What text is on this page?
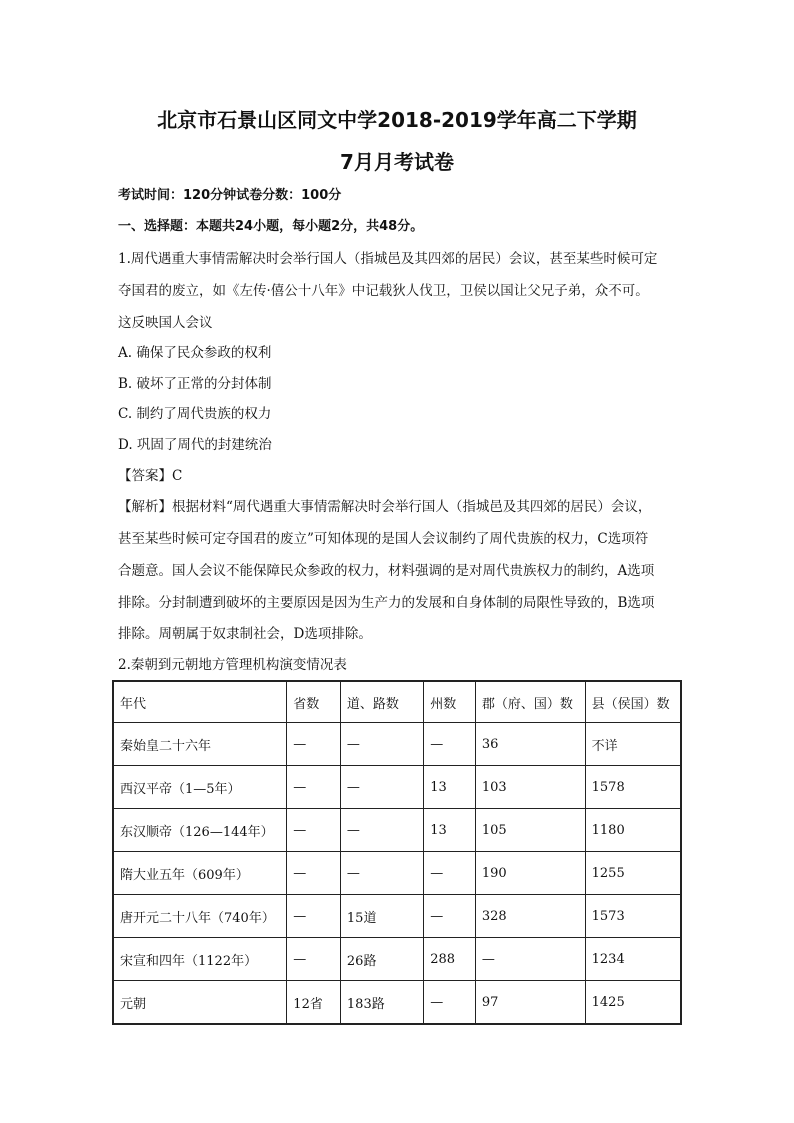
北京市石景山区同文中学2018-2019学年高二下学期
7月月考试卷
考试时间：120分钟试卷分数：100分
一、选择题：本题共24小题，每小题2分，共48分。
1.周代遇重大事情需解决时会举行国人（指城邑及其四郊的居民）会议，甚至某些时候可定
夺国君的废立，如《左传·僖公十八年》中记载狄人伐卫，卫侯以国让父兄子弟，众不可。
这反映国人会议
A. 确保了民众参政的权利
B. 破坏了正常的分封体制
C. 制约了周代贵族的权力
D. 巩固了周代的封建统治
【答案】C
【解析】根据材料“周代遇重大事情需解决时会举行国人（指城邑及其四郊的居民）会议，
甚至某些时候可定夺国君的废立”可知体现的是国人会议制约了周代贵族的权力，C选项符
合题意。国人会议不能保障民众参政的权力，材料强调的是对周代贵族权力的制约，A选项
排除。分封制遭到破坏的主要原因是因为生产力的发展和自身体制的局限性导致的，B选项
排除。周朝属于奴隶制社会，D选项排除。
2.秦朝到元朝地方管理机构演变情况表
年代	省数	道、路数	州数	郡（府、国）数	县（侯国）数
秦始皇二十六年	—	—	—	36	不详
西汉平帝（1—5年）	—	—	13	103	1578
东汉顺帝（126—144年）	—	—	13	105	1180
隋大业五年（609年）	—	—	—	190	1255
唐开元二十八年（740年）	—	15道	—	328	1573
宋宣和四年（1122年）	—	26路	288	—	1234
元朝	12省	183路	—	97	1425
